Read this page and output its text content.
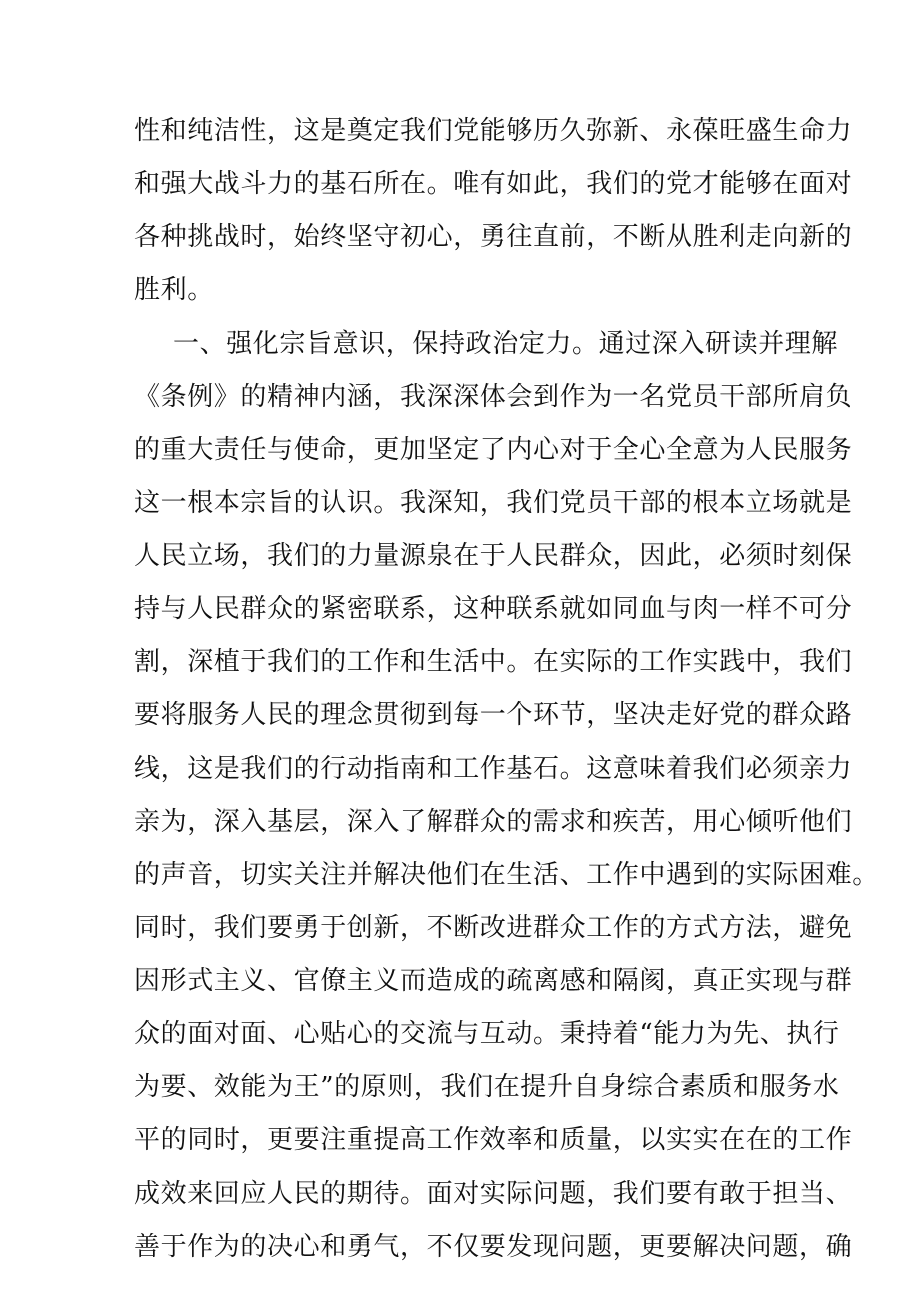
性和纯洁性，这是奠定我们党能够历久弥新、永葆旺盛生命力

和强大战斗力的基石所在。唯有如此，我们的党才能够在面对

各种挑战时，始终坚守初心，勇往直前，不断从胜利走向新的

胜利。

一、强化宗旨意识，保持政治定力。通过深入研读并理解

《条例》的精神内涵，我深深体会到作为一名党员干部所肩负

的重大责任与使命，更加坚定了内心对于全心全意为人民服务

这一根本宗旨的认识。我深知，我们党员干部的根本立场就是

人民立场，我们的力量源泉在于人民群众，因此，必须时刻保

持与人民群众的紧密联系，这种联系就如同血与肉一样不可分

割，深植于我们的工作和生活中。在实际的工作实践中，我们

要将服务人民的理念贯彻到每一个环节，坚决走好党的群众路

线，这是我们的行动指南和工作基石。这意味着我们必须亲力

亲为，深入基层，深入了解群众的需求和疾苦，用心倾听他们

的声音，切实关注并解决他们在生活、工作中遇到的实际困难。

同时，我们要勇于创新，不断改进群众工作的方式方法，避免

因形式主义、官僚主义而造成的疏离感和隔阂，真正实现与群

众的面对面、心贴心的交流与互动。秉持着“能力为先、执行

为要、效能为王”的原则，我们在提升自身综合素质和服务水

平的同时，更要注重提高工作效率和质量，以实实在在的工作

成效来回应人民的期待。面对实际问题，我们要有敢于担当、

善于作为的决心和勇气，不仅要发现问题，更要解决问题，确
